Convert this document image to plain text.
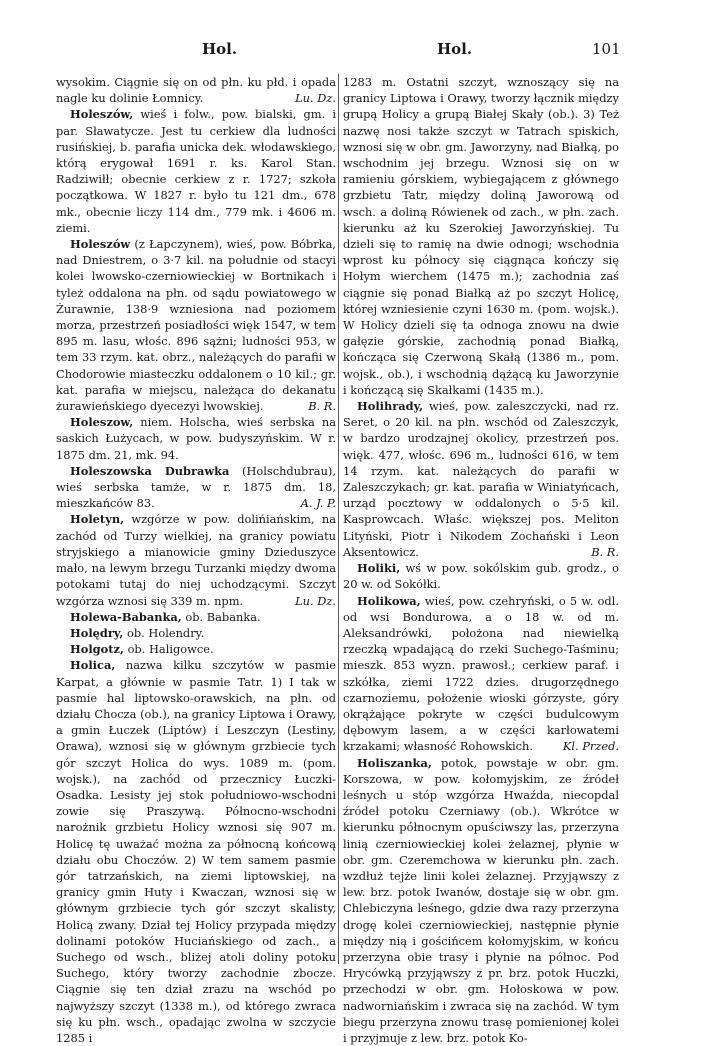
Hol.	Hol.	101

wysokim. Ciągnie się on od płn. ku płd. i opada nagle ku dolinie Łomnicy.	Lu. Dz.

Holeszów, wieś i folw., pow. bialski, gm. i par. Sławatycze. Jest tu cerkiew dla ludności rusińskiej, b. parafia unicka dek. włodawskiego, którą erygował 1691 r. ks. Karol Stan. Radziwiłł; obecnie cerkiew z r. 1727; szkoła początkowa. W 1827 r. było tu 121 dm., 678 mk., obecnie liczy 114 dm., 779 mk. i 4606 m. ziemi.

Holeszów (z Łapczynem), wieś, pow. Bóbrka, nad Dniestrem, o 3·7 kil. na południe od stacyi kolei lwowsko-czerniowieckiej w Bortnikach i tyleż oddalona na płn. od sądu powiatowego w Żurawnie, 138·9 wzniesiona nad poziomem morza, przestrzeń posiadłości więk 1547, w tem 895 m. lasu, włośc. 896 sążni; ludności 953, w tem 33 rzym. kat. obrz., należących do parafii w Chodorowie miasteczku oddalonem o 10 kil.; gr. kat. parafia w miejscu, należąca do dekanatu żurawieńskiego dyecezyi lwowskiej.	B. R.

Holeszow, niem. Holscha, wieś serbska na saskich Łużycach, w pow. budyszyńskim. W r. 1875 dm. 21, mk. 94.

Holeszowska Dubrawka (Holschdubrau), wieś serbska tamże, w r. 1875 dm. 18, mieszkańców 83.	A. J. P.

Holetyn, wzgórze w pow. dolińiańskim, na zachód od Turzy wielkiej, na granicy powiatu stryjskiego a mianowicie gminy Dzieduszyce mało, na lewym brzegu Turzanki między dwoma potokami tutaj do niej uchodzącymi. Szczyt wzgórza wznosi się 339 m. npm.	Lu. Dz.

Holewa-Babanka, ob. Babanka.

Holędry, ob. Holendry.

Holgotz, ob. Haligowce.

Holica, nazwa kilku szczytów w pasmie Karpat, a głównie w pasmie Tatr. 1) I tak w pasmie hal liptowsko-orawskich, na płn. od działu Chocza (ob.), na granicy Liptowa i Orawy, a gmin Łuczek (Liptów) i Leszczyn (Lestiny, Orawa), wznosi się w głównym grzbiecie tych gór szczyt Holica do wys. 1089 m. (pom. wojsk.), na zachód od przecznicy Łuczki-Osadka. Lesisty jej stok południowo-wschodni zowie się Praszywą. Północno-wschodni narożnik grzbietu Holicy wznosi się 907 m. Holicę tę uważać można za północną końcową działu obu Choczów. 2) W tem samem pasmie gór tatrzańskich, na ziemi liptowskiej, na granicy gmin Huty i Kwaczan, wznosi się w głównym grzbiecie tych gór szczyt skalisty, Holicą zwany. Dział tej Holicy przypada między dolinami potoków Huciańskiego od zach., a Suchego od wsch., bliżej atoli doliny potoku Suchego, który tworzy zachodnie zbocze. Ciągnie się ten dział zrazu na wschód po najwyższy szczyt (1338 m.), od którego zwraca się ku płn. wsch., opadając zwolna w szczycie 1285 i

1283 m. Ostatni szczyt, wznoszący się na granicy Liptowa i Orawy, tworzy łącznik między grupą Holicy a grupą Białej Skały (ob.). 3) Też nazwę nosi także szczyt w Tatrach spiskich, wznosi się w obr. gm. Jaworzyny, nad Białką, po wschodnim jej brzegu. Wznosi się on w ramieniu górskiem, wybiegającem z głównego grzbietu Tatr, między doliną Jaworową od wsch. a doliną Rówienek od zach., w płn. zach. kierunku aż ku Szerokiej Jaworzyńskiej. Tu dzieli się to ramię na dwie odnogi; wschodnia wprost ku północy się ciągnąca kończy się Hołym wierchem (1475 m.); zachodnia zaś ciągnie się ponad Białką aż po szczyt Holicę, której wzniesienie czyni 1630 m. (pom. wojsk.). W Holicy dzieli się ta odnoga znowu na dwie gałęzie górskie, zachodnią ponad Białką, kończąca się Czerwoną Skałą (1386 m., pom. wojsk., ob.), i wschodnią dążącą ku Jaworzynie i kończącą się Skałkami (1435 m.).

Holihrady, wieś, pow. zaleszczycki, nad rz. Seret, o 20 kil. na płn. wschód od Zaleszczyk, w bardzo urodzajnej okolicy, przestrzeń pos. więk. 477, włośc. 696 m., ludności 616, w tem 14 rzym. kat. należących do parafii w Zaleszczykach; gr. kat. parafia w Winiatyńcach, urząd pocztowy w oddalonych o 5·5 kil. Kasprowcach. Właśc. większej pos. Meliton Lityński, Piotr i Nikodem Zochański i Leon Aksentowicz.	B. R.

Holiki, wś w pow. sokólskim gub. grodz., o 20 w. od Sokółki.

Holikowa, wieś, pow. czehryński, o 5 w. odl. od wsi Bondurowa, a o 18 w. od m. Aleksandrówki, położona nad niewielką rzeczką wpadającą do rzeki Suchego-Taśminu; mieszk. 853 wyzn. prawosł.; cerkiew paraf. i szkółka, ziemi 1722 dzies. drugorzędnego czarnoziemu, położenie wioski górzyste, góry okrążające pokryte w części budulcowym dębowym lasem, a w części karłowatemi krzakami; własność Rohowskich.	Kl. Przed.

Holiszanka, potok, powstaje w obr. gm. Korszowa, w pow. kołomyjskim, ze źródeł leśnych u stóp wzgórza Hwaźda, niecopdal źródeł potoku Czerniawy (ob.). Wkrótce w kierunku północnym opuściwszy las, przerzyna linią czerniowieckiej kolei żelaznej, płynie w obr. gm. Czeremchowa w kierunku płn. zach. wzdłuż tejże linii kolei żelaznej. Przyjąwszy z lew. brz. potok Iwanów, dostaje się w obr. gm. Chlebiczyna leśnego, gdzie dwa razy przerzyna drogę kolei czerniowieckiej, następnie płynie między nią i gościńcem kołomyjskim, w końcu przerzyna obie trasy i płynie na północ. Pod Hrycówką przyjąwszy z pr. brz. potok Huczki, przechodzi w obr. gm. Hołoskowa w pow. nadworniańskim i zwraca się na zachód. W tym biegu przerzyna znowu trasę pomienionej kolei i przyjmuje z lew. brz. potok Ko-
